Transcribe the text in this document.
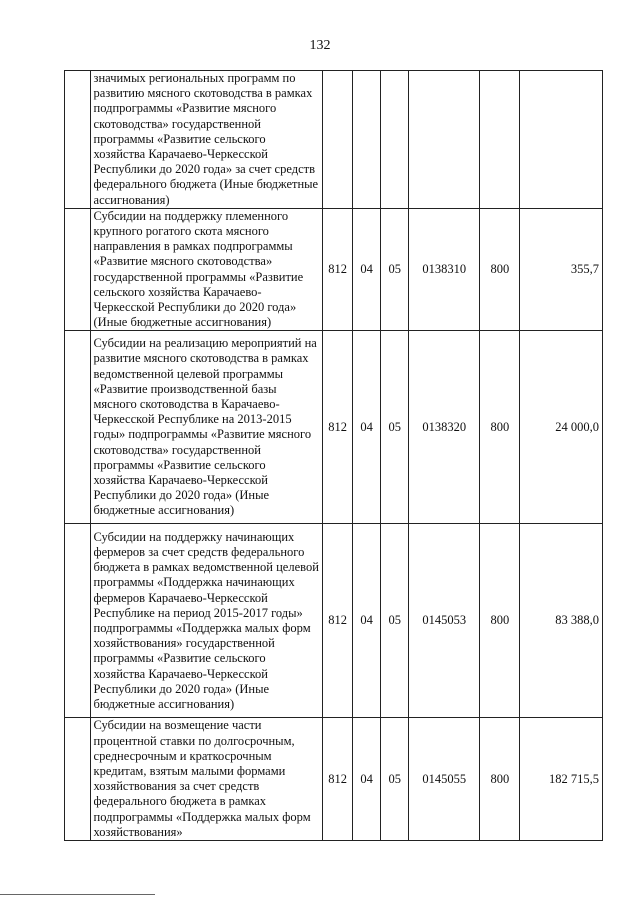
132
	значимых региональных программ по развитию мясного скотоводства в рамках подпрограммы «Развитие мясного скотоводства» государственной программы «Развитие сельского хозяйства Карачаево-Черкесской Республики до 2020 года» за счет средств федерального бюджета (Иные бюджетные ассигнования)						
	Субсидии на поддержку племенного крупного рогатого скота мясного направления в рамках подпрограммы «Развитие мясного скотоводства» государственной программы «Развитие сельского хозяйства Карачаево-Черкесской Республики до 2020 года» (Иные бюджетные ассигнования)	812	04	05	0138310	800	355,7
	Субсидии на реализацию мероприятий на развитие мясного скотоводства в рамках ведомственной целевой программы «Развитие производственной базы мясного скотоводства в Карачаево-Черкесской Республике на 2013-2015 годы» подпрограммы «Развитие мясного скотоводства» государственной программы «Развитие сельского хозяйства Карачаево-Черкесской Республики до 2020 года» (Иные бюджетные ассигнования)	812	04	05	0138320	800	24 000,0
	Субсидии на поддержку начинающих фермеров за счет средств федерального бюджета в рамках ведомственной целевой программы «Поддержка начинающих фермеров Карачаево-Черкесской Республике на период 2015-2017 годы» подпрограммы «Поддержка малых форм хозяйствования» государственной программы «Развитие сельского хозяйства Карачаево-Черкесской Республики до 2020 года» (Иные бюджетные ассигнования)	812	04	05	0145053	800	83 388,0
	Субсидии на возмещение части процентной ставки по долгосрочным, среднесрочным и краткосрочным кредитам, взятым малыми формами хозяйствования за счет средств федерального бюджета в рамках подпрограммы «Поддержка малых форм хозяйствования»	812	04	05	0145055	800	182 715,5
